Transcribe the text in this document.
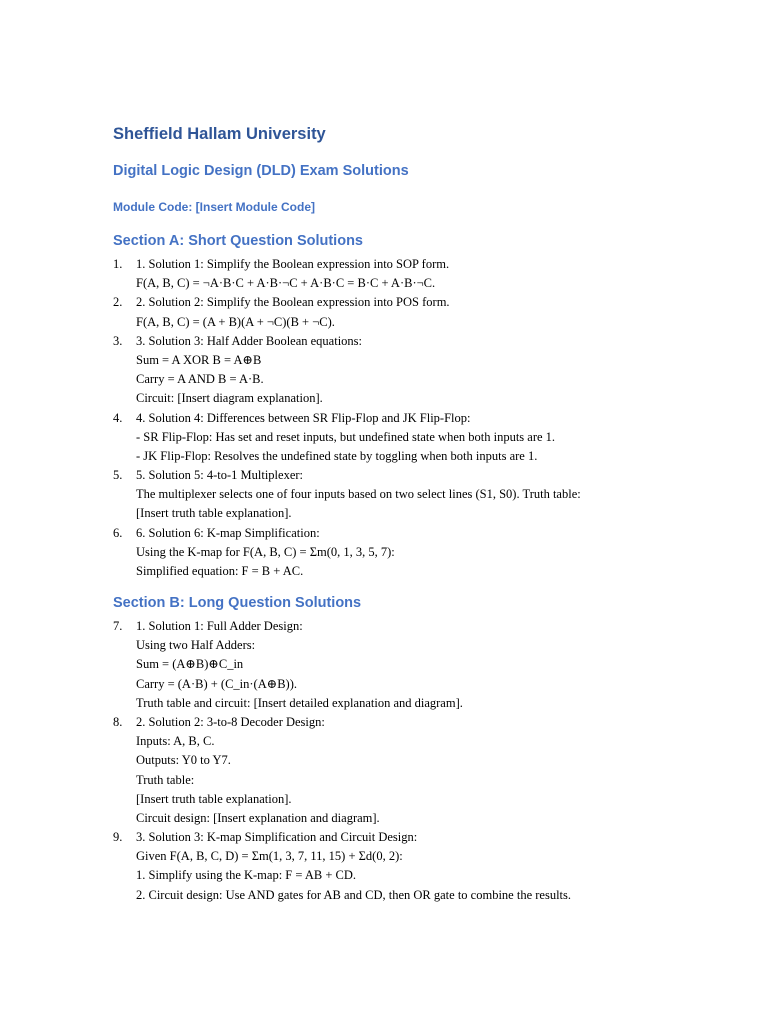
Sheffield Hallam University
Digital Logic Design (DLD) Exam Solutions
Module Code: [Insert Module Code]
Section A: Short Question Solutions
1. 1. Solution 1: Simplify the Boolean expression into SOP form.
F(A, B, C) = ¬A·B·C + A·B·¬C + A·B·C = B·C + A·B·¬C.
2. 2. Solution 2: Simplify the Boolean expression into POS form.
F(A, B, C) = (A + B)(A + ¬C)(B + ¬C).
3. 3. Solution 3: Half Adder Boolean equations:
Sum = A XOR B = A⊕B
Carry = A AND B = A·B.
Circuit: [Insert diagram explanation].
4. 4. Solution 4: Differences between SR Flip-Flop and JK Flip-Flop:
- SR Flip-Flop: Has set and reset inputs, but undefined state when both inputs are 1.
- JK Flip-Flop: Resolves the undefined state by toggling when both inputs are 1.
5. 5. Solution 5: 4-to-1 Multiplexer:
The multiplexer selects one of four inputs based on two select lines (S1, S0). Truth table:
[Insert truth table explanation].
6. 6. Solution 6: K-map Simplification:
Using the K-map for F(A, B, C) = Σm(0, 1, 3, 5, 7):
Simplified equation: F = B + AC.
Section B: Long Question Solutions
7. 1. Solution 1: Full Adder Design:
Using two Half Adders:
Sum = (A⊕B)⊕C_in
Carry = (A·B) + (C_in·(A⊕B)).
Truth table and circuit: [Insert detailed explanation and diagram].
8. 2. Solution 2: 3-to-8 Decoder Design:
Inputs: A, B, C.
Outputs: Y0 to Y7.
Truth table:
[Insert truth table explanation].
Circuit design: [Insert explanation and diagram].
9. 3. Solution 3: K-map Simplification and Circuit Design:
Given F(A, B, C, D) = Σm(1, 3, 7, 11, 15) + Σd(0, 2):
1. Simplify using the K-map: F = AB + CD.
2. Circuit design: Use AND gates for AB and CD, then OR gate to combine the results.
